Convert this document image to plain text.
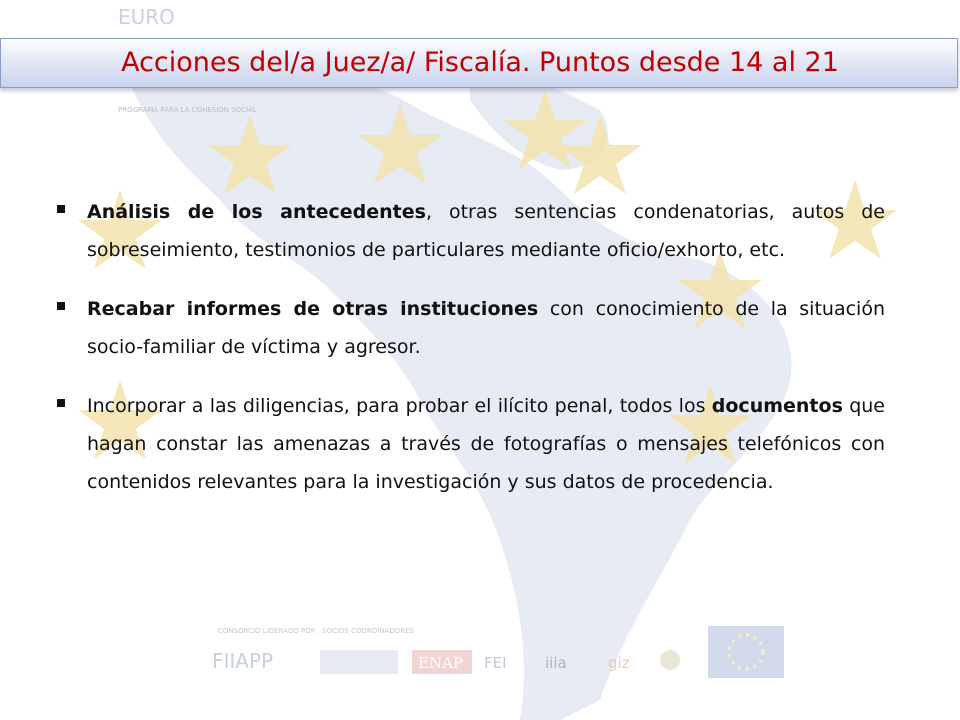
CONSORCIO LIDERADO POR SOCIOS COORDINADORES
FIIAPP	ENAP FEI	iila	giz
EURO
PROGRAMA PARA LA COHESION SOCIAL
Acciones del/a Juez/a/ Fiscalía. Puntos desde 14 al 21
Análisis de los antecedentes, otras sentencias condenatorias, autos de sobreseimiento, testimonios de particulares mediante oficio/exhorto, etc.
Recabar informes de otras instituciones con conocimiento de la situación socio-familiar de víctima y agresor.
Incorporar a las diligencias, para probar el ilícito penal, todos los documentos que hagan constar las amenazas a través de fotografías o mensajes telefónicos con contenidos relevantes para la investigación y sus datos de procedencia.
